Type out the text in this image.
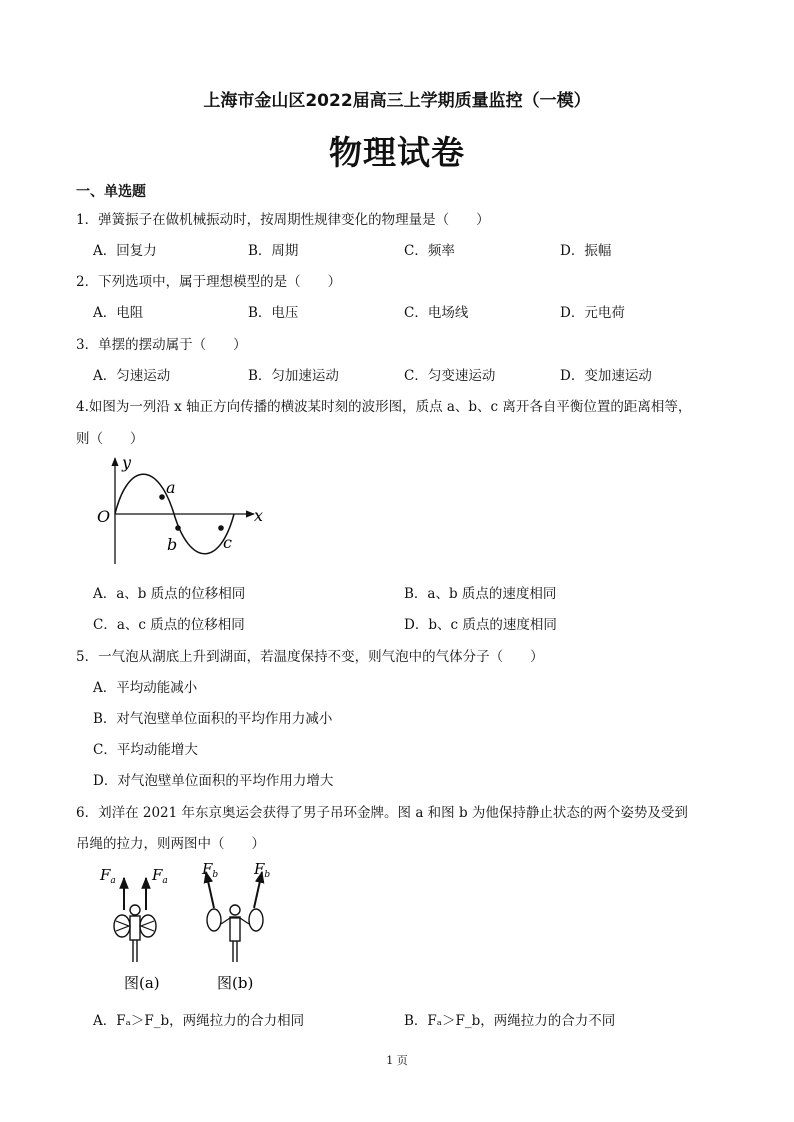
上海市金山区2022届高三上学期质量监控（一模）
物理试卷
一、单选题
1．弹簧振子在做机械振动时，按周期性规律变化的物理量是（　　）
A．回复力	B．周期	C．频率	D．振幅
2．下列选项中，属于理想模型的是（　　）
A．电阻	B．电压	C．电场线	D．元电荷
3．单摆的摆动属于（　　）
A．匀速运动	B．匀加速运动	C．匀变速运动	D．变加速运动
4.如图为一列沿 x 轴正方向传播的横波某时刻的波形图，质点 a、b、c 离开各自平衡位置的距离相等，
则（　　）
y
x
O
a
b	c
A．a、b 质点的位移相同	B．a、b 质点的速度相同
C．a、c 质点的位移相同	D．b、c 质点的速度相同
5．一气泡从湖底上升到湖面，若温度保持不变，则气泡中的气体分子（　　）
A．平均动能减小
B．对气泡壁单位面积的平均作用力减小
C．平均动能增大
D．对气泡壁单位面积的平均作用力增大
6．刘洋在 2021 年东京奥运会获得了男子吊环金牌。图 a 和图 b 为他保持静止状态的两个姿势及受到
吊绳的拉力，则两图中（　　）
$F_a$ $F_a$
图(a)
$F_b$ $F_b$
图(b)
A．Fₐ＞F_b，两绳拉力的合力相同	B．Fₐ＞F_b，两绳拉力的合力不同
1 页
